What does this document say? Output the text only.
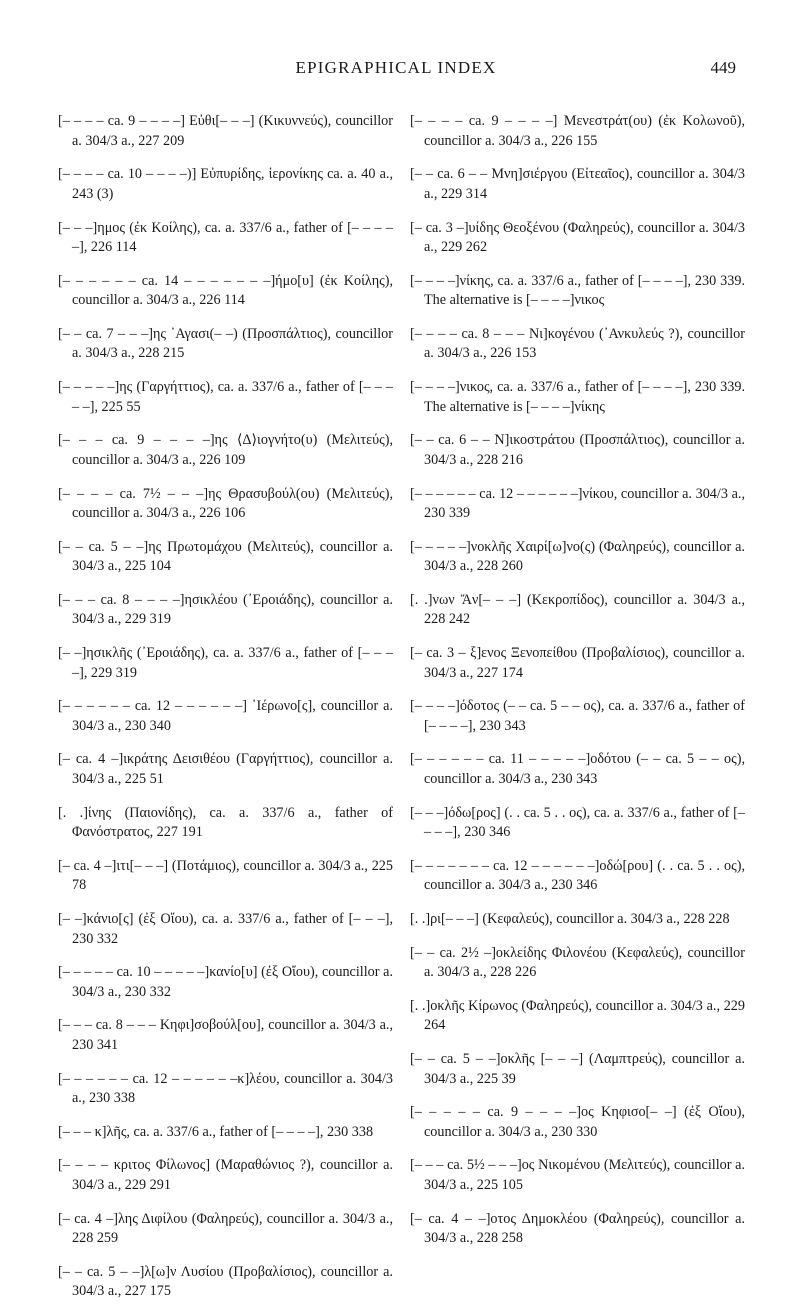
EPIGRAPHICAL INDEX	449

[– – – – ca. 9 – – – –] Εὐθι[– – –] (Κικυννεύς), councillor a. 304/3 a., 227 209

[– – – – ca. 10 – – – –)] Εὐπυρίδης, ἱερονίκης ca. a. 40 a., 243 (3)

[– – –]ημος (ἐκ Κοίλης), ca. a. 337/6 a., father of [– – – – –], 226 114

[– – – – – – ca. 14 – – – – – – –]ήμο[υ] (ἐκ Κοίλης), councillor a. 304/3 a., 226 114

[– – ca. 7 – – –]ης ᾿Αγασι(– –) (Προσπάλτιος), councillor a. 304/3 a., 228 215

[– – – – –]ης (Γαργήττιος), ca. a. 337/6 a., father of [– – – – –], 225 55

[– – – ca. 9 – – – –]ης ⟨Δ⟩ιογνήτο(υ) (Μελιτεύς), councillor a. 304/3 a., 226 109

[– – – – ca. 7½ – – –]ης Θρασυβούλ(ου) (Μελιτεύς), councillor a. 304/3 a., 226 106

[– – ca. 5 – –]ης Πρωτομάχου (Μελιτεύς), councillor a. 304/3 a., 225 104

[– – – ca. 8 – – – –]ησικλέου (᾿Εροιάδης), councillor a. 304/3 a., 229 319

[– –]ησικλῆς (᾿Εροιάδης), ca. a. 337/6 a., father of [– – – –], 229 319

[– – – – – – ca. 12 – – – – – –] ῾Ιέρωνο[ς], councillor a. 304/3 a., 230 340

[– ca. 4 –]ικράτης Δεισιθέου (Γαργήττιος), councillor a. 304/3 a., 225 51

[. .]ίνης (Παιονίδης), ca. a. 337/6 a., father of Φανόστρατος, 227 191

[– ca. 4 –]ιτι[– – –] (Ποτάμιος), councillor a. 304/3 a., 225 78

[– –]κάνιο[ς] (ἐξ Οἴου), ca. a. 337/6 a., father of [– – –], 230 332

[– – – – – ca. 10 – – – – –]κανίο[υ] (ἐξ Οἴου), councillor a. 304/3 a., 230 332

[– – – ca. 8 – – – Κηφι]σοβούλ[ου], councillor a. 304/3 a., 230 341

[– – – – – – ca. 12 – – – – – –κ]λέου, councillor a. 304/3 a., 230 338

[– – – κ]λῆς, ca. a. 337/6 a., father of [– – – –], 230 338

[– – – – κριτος Φίλωνος] (Μαραθώνιος ?), councillor a. 304/3 a., 229 291

[– ca. 4 –]λης Διφίλου (Φαληρεύς), councillor a. 304/3 a., 228 259

[– – ca. 5 – –]λ[ω]ν Λυσίου (Προβαλίσιος), councillor a. 304/3 a., 227 175

[– – – – ca. 9 – – – –] Μενεστράτ(ου) (ἐκ Κολωνοῦ), councillor a. 304/3 a., 226 155

[– – ca. 6 – – Μνη]σιέργου (Εἰτεαῖος), councillor a. 304/3 a., 229 314

[– ca. 3 –]υίδης Θεοξένου (Φαληρεύς), councillor a. 304/3 a., 229 262

[– – – –]νίκης, ca. a. 337/6 a., father of [– – – –], 230 339. The alternative is [– – – –]νικος

[– – – – ca. 8 – – – Νι]κογένου (᾿Ανκυλεύς ?), councillor a. 304/3 a., 226 153

[– – – –]νικος, ca. a. 337/6 a., father of [– – – –], 230 339. The alternative is [– – – –]νίκης

[– – ca. 6 – – N]ικοστράτου (Προσπάλτιος), councillor a. 304/3 a., 228 216

[– – – – – – ca. 12 – – – – – –]νίκου, councillor a. 304/3 a., 230 339

[– – – – –]νοκλῆς Χαιρί[ω]νο(ς) (Φαληρεύς), councillor a. 304/3 a., 228 260

[. .]νων Ἄν[– – –] (Κεκροπίδος), councillor a. 304/3 a., 228 242

[– ca. 3 – ξ]ενος Ξενοπείθου (Προβαλίσιος), councillor a. 304/3 a., 227 174

[– – – –]όδοτος (– – ca. 5 – – ος), ca. a. 337/6 a., father of [– – – –], 230 343

[– – – – – – ca. 11 – – – – –]οδότου (– – ca. 5 – – ος), councillor a. 304/3 a., 230 343

[– – –]όδω[ρος] (. . ca. 5 . . ος), ca. a. 337/6 a., father of [– – – –], 230 346

[– – – – – – – ca. 12 – – – – – –]οδώ[ρου] (. . ca. 5 . . ος), councillor a. 304/3 a., 230 346

[. .]ρι[– – –] (Κεφαλεύς), councillor a. 304/3 a., 228 228

[– – ca. 2½ –]οκλείδης Φιλονέου (Κεφαλεύς), councillor a. 304/3 a., 228 226

[. .]οκλῆς Κίρωνος (Φαληρεύς), councillor a. 304/3 a., 229 264

[– – ca. 5 – –]οκλῆς [– – –] (Λαμπτρεύς), councillor a. 304/3 a., 225 39

[– – – – – ca. 9 – – – –]ος Κηφισο[– –] (ἐξ Οἴου), councillor a. 304/3 a., 230 330

[– – – ca. 5½ – – –]ος Νικομένου (Μελιτεύς), councillor a. 304/3 a., 225 105

[– ca. 4 – –]οτος Δημοκλέου (Φαληρεύς), councillor a. 304/3 a., 228 258
